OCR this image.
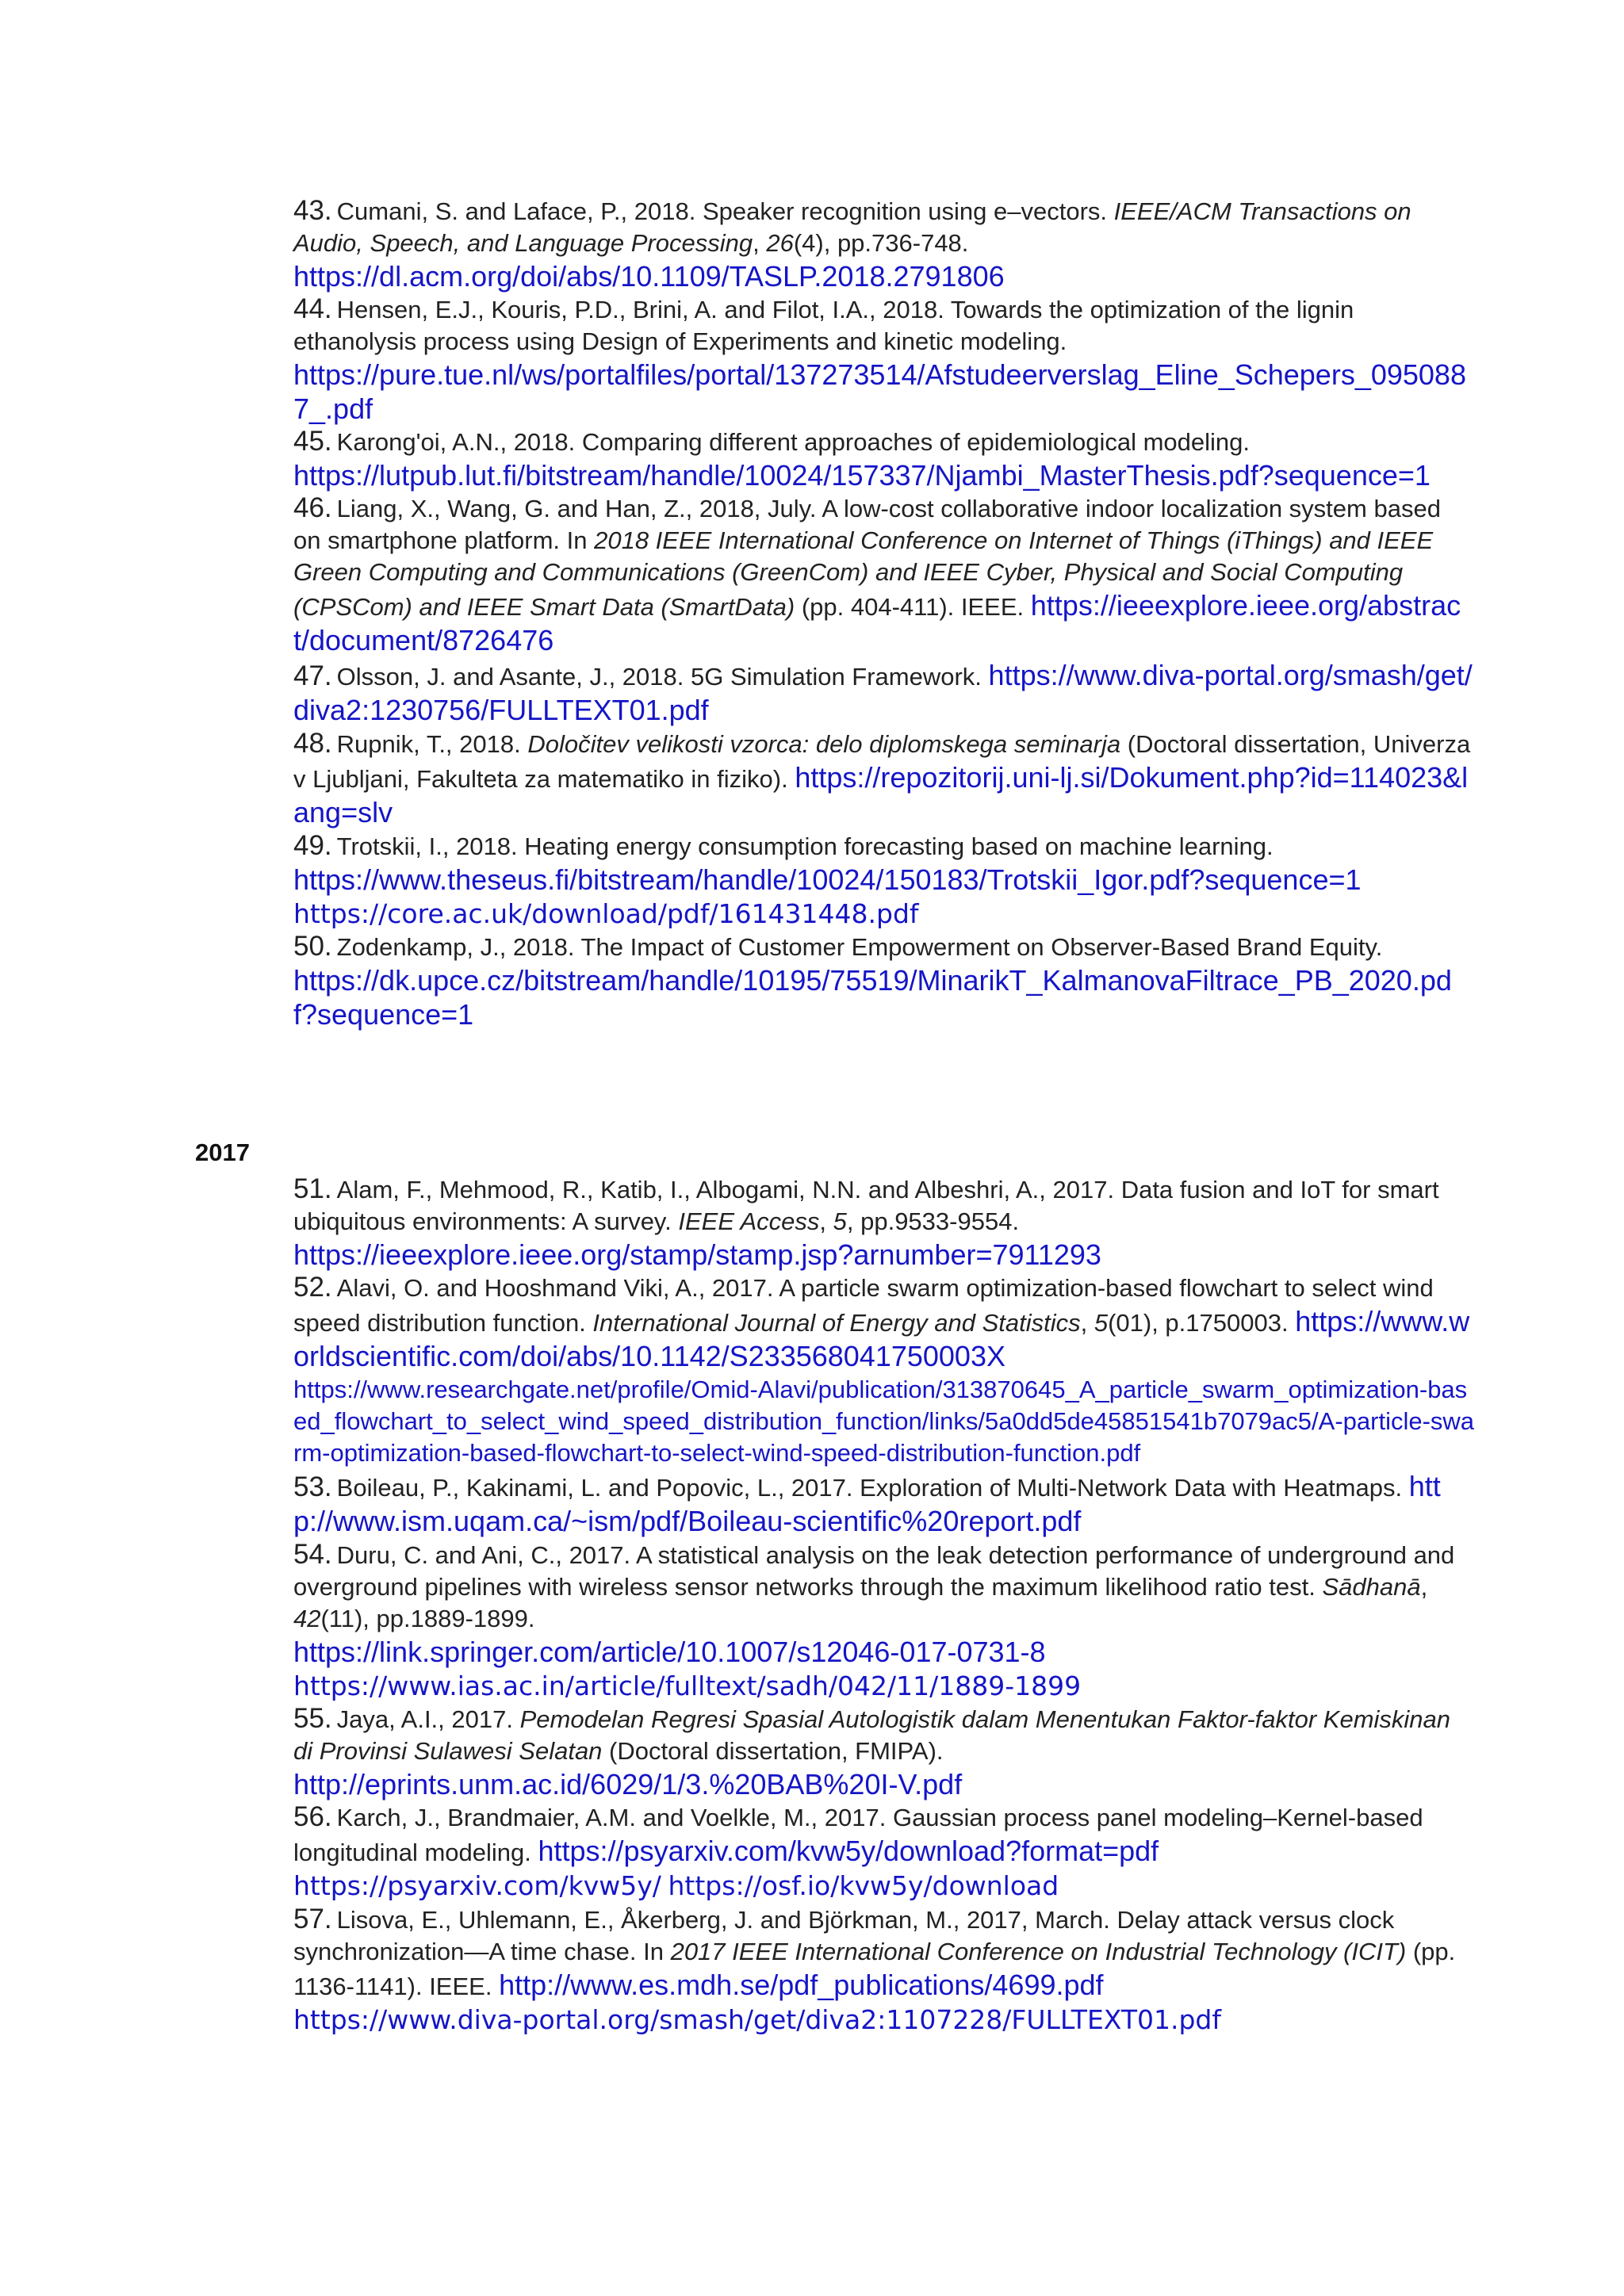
43. Cumani, S. and Laface, P., 2018. Speaker recognition using e–vectors. IEEE/ACM Transactions on Audio, Speech, and Language Processing, 26(4), pp.736-748.
https://dl.acm.org/doi/abs/10.1109/TASLP.2018.2791806

44. Hensen, E.J., Kouris, P.D., Brini, A. and Filot, I.A., 2018. Towards the optimization of the lignin ethanolysis process using Design of Experiments and kinetic modeling.
https://pure.tue.nl/ws/portalfiles/portal/137273514/Afstudeerverslag_Eline_Schepers_0950887_.pdf

45. Karong'oi, A.N., 2018. Comparing different approaches of epidemiological modeling.
https://lutpub.lut.fi/bitstream/handle/10024/157337/Njambi_MasterThesis.pdf?sequence=1

46. Liang, X., Wang, G. and Han, Z., 2018, July. A low-cost collaborative indoor localization system based on smartphone platform. In 2018 IEEE International Conference on Internet of Things (iThings) and IEEE Green Computing and Communications (GreenCom) and IEEE Cyber, Physical and Social Computing (CPSCom) and IEEE Smart Data (SmartData) (pp. 404-411). IEEE. https://ieeexplore.ieee.org/abstract/document/8726476

47. Olsson, J. and Asante, J., 2018. 5G Simulation Framework. https://www.diva-portal.org/smash/get/diva2:1230756/FULLTEXT01.pdf

48. Rupnik, T., 2018. Določitev velikosti vzorca: delo diplomskega seminarja (Doctoral dissertation, Univerza v Ljubljani, Fakulteta za matematiko in fiziko). https://repozitorij.uni-lj.si/Dokument.php?id=114023&lang=slv

49. Trotskii, I., 2018. Heating energy consumption forecasting based on machine learning.
https://www.theseus.fi/bitstream/handle/10024/150183/Trotskii_Igor.pdf?sequence=1
https://core.ac.uk/download/pdf/161431448.pdf

50. Zodenkamp, J., 2018. The Impact of Customer Empowerment on Observer-Based Brand Equity.
https://dk.upce.cz/bitstream/handle/10195/75519/MinarikT_KalmanovaFiltrace_PB_2020.pdf?sequence=1

2017

51. Alam, F., Mehmood, R., Katib, I., Albogami, N.N. and Albeshri, A., 2017. Data fusion and IoT for smart ubiquitous environments: A survey. IEEE Access, 5, pp.9533-9554.
https://ieeexplore.ieee.org/stamp/stamp.jsp?arnumber=7911293

52. Alavi, O. and Hooshmand Viki, A., 2017. A particle swarm optimization-based flowchart to select wind speed distribution function. International Journal of Energy and Statistics, 5(01), p.1750003. https://www.worldscientific.com/doi/abs/10.1142/S233568041750003X
https://www.researchgate.net/profile/Omid-Alavi/publication/313870645_A_particle_swarm_optimization-based_flowchart_to_select_wind_speed_distribution_function/links/5a0dd5de45851541b7079ac5/A-particle-swarm-optimization-based-flowchart-to-select-wind-speed-distribution-function.pdf

53. Boileau, P., Kakinami, L. and Popovic, L., 2017. Exploration of Multi-Network Data with Heatmaps. http://www.ism.uqam.ca/~ism/pdf/Boileau-scientific%20report.pdf

54. Duru, C. and Ani, C., 2017. A statistical analysis on the leak detection performance of underground and overground pipelines with wireless sensor networks through the maximum likelihood ratio test. Sādhanā, 42(11), pp.1889-1899.
https://link.springer.com/article/10.1007/s12046-017-0731-8
https://www.ias.ac.in/article/fulltext/sadh/042/11/1889-1899

55. Jaya, A.I., 2017. Pemodelan Regresi Spasial Autologistik dalam Menentukan Faktor-faktor Kemiskinan di Provinsi Sulawesi Selatan (Doctoral dissertation, FMIPA).
http://eprints.unm.ac.id/6029/1/3.%20BAB%20I-V.pdf

56. Karch, J., Brandmaier, A.M. and Voelkle, M., 2017. Gaussian process panel modeling–Kernel-based longitudinal modeling. https://psyarxiv.com/kvw5y/download?format=pdf
https://psyarxiv.com/kvw5y/ https://osf.io/kvw5y/download

57. Lisova, E., Uhlemann, E., Åkerberg, J. and Björkman, M., 2017, March. Delay attack versus clock synchronization—A time chase. In 2017 IEEE International Conference on Industrial Technology (ICIT) (pp. 1136-1141). IEEE. http://www.es.mdh.se/pdf_publications/4699.pdf
https://www.diva-portal.org/smash/get/diva2:1107228/FULLTEXT01.pdf
